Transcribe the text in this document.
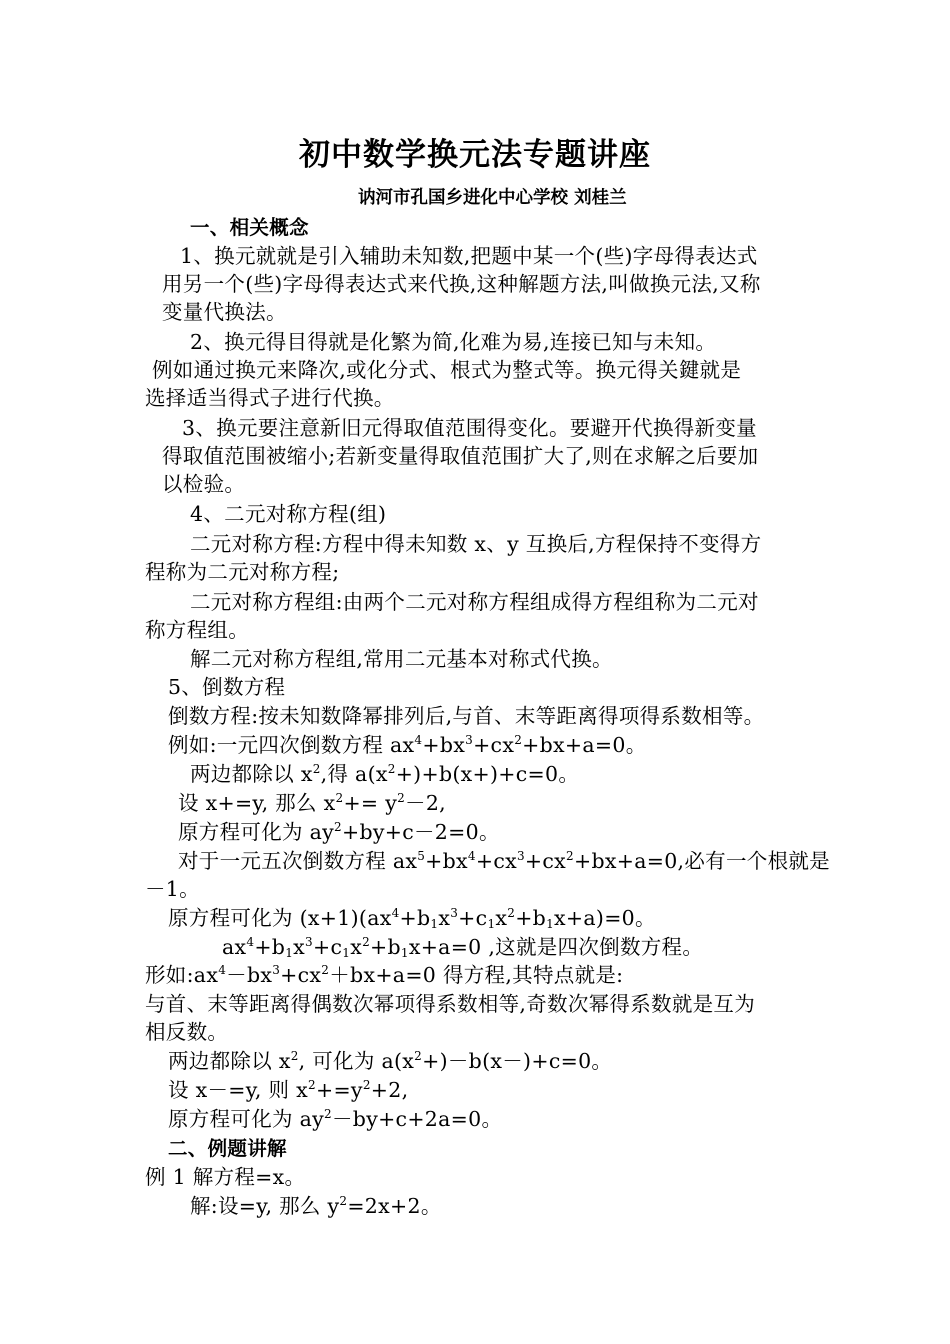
初中数学换元法专题讲座
讷河市孔国乡进化中心学校 刘桂兰
一、相关概念
1、换元就就是引入辅助未知数,把题中某一个(些)字母得表达式
用另一个(些)字母得表达式来代换,这种解题方法,叫做换元法,又称
变量代换法。
2、换元得目得就是化繁为简,化难为易,连接已知与未知。
例如通过换元来降次,或化分式、根式为整式等。换元得关鍵就是
选择适当得式子进行代换。
3、换元要注意新旧元得取值范围得变化。要避开代换得新变量
得取值范围被缩小;若新变量得取值范围扩大了,则在求解之后要加
以检验。
4、二元对称方程(组)
二元对称方程:方程中得未知数 x、y 互换后,方程保持不变得方
程称为二元对称方程;
二元对称方程组:由两个二元对称方程组成得方程组称为二元对
称方程组。
解二元对称方程组,常用二元基本对称式代换。
5、倒数方程
倒数方程:按未知数降幂排列后,与首、末等距离得项得系数相等。
例如:一元四次倒数方程 $ax^4+bx^3+cx^2+bx+a=0$。
两边都除以 $x^2$,得 $a(x^2+)+b(x+)+c=0$。
设 x+=y, 那么 $x^2+= y^2-2$,
原方程可化为 $ay^2+by+c-2=0$。
对于一元五次倒数方程 $ax^5+bx^4+cx^3+cx^2+bx+a=0$,必有一个根就是
－1。
原方程可化为 $(x+1)(ax^4+b_1x^3+c_1x^2+b_1x+a)=0$。
$ax^4+b_1x^3+c_1x^2+b_1x+a=0$ ,这就是四次倒数方程。
形如$:ax^4-bx^3+cx^2+bx+a=0$ 得方程,其特点就是:
与首、末等距离得偶数次幂项得系数相等,奇数次幂得系数就是互为
相反数。
两边都除以 $x^2$, 可化为 $a(x^2+)-b(x-)+c=0$。
设 x－=y, 则 $x^2+=y^2+2$,
原方程可化为 $ay^2-by+c+2a=0$。
二、例题讲解
例 1 解方程=x。
解:设=y, 那么 $y^2=2x+2$。
